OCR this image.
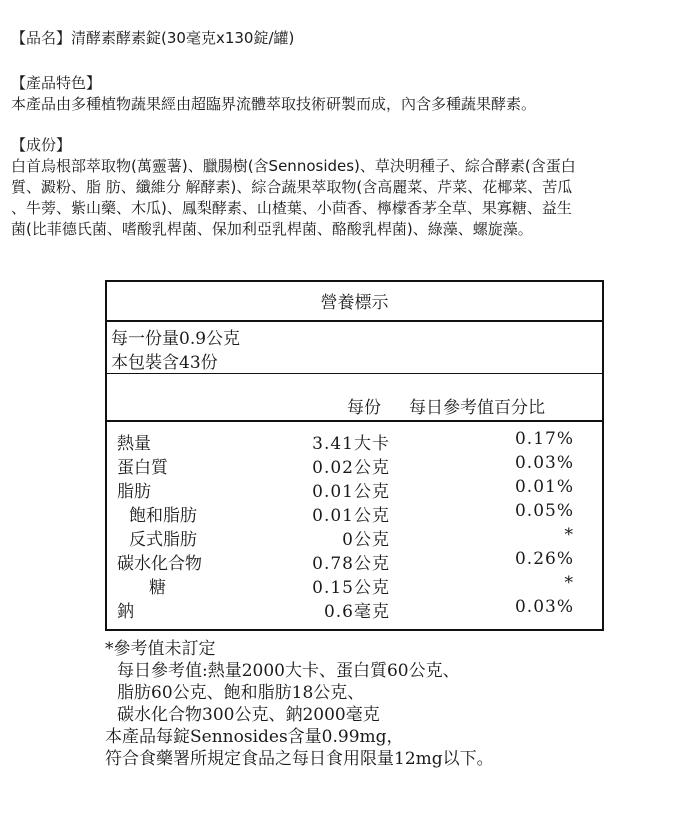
【品名】清酵素酵素錠(30毫克x130錠/罐)
【產品特色】
本產品由多種植物蔬果經由超臨界流體萃取技術研製而成，內含多種蔬果酵素。
【成份】
白首烏根部萃取物(萬靈薯)、臘腸樹(含Sennosides)、草決明種子、綜合酵素(含蛋白
質、澱粉、脂 肪、纖維分 解酵素)、綜合蔬果萃取物(含高麗菜、芹菜、花椰菜、苦瓜
、牛蒡、紫山藥、木瓜)、鳳梨酵素、山楂葉、小茴香、檸檬香茅全草、果寡糖、益生
菌(比菲德氏菌、嗜酸乳桿菌、保加利亞乳桿菌、酪酸乳桿菌)、綠藻、螺旋藻。
營養標示
每一份量0.9公克
本包裝含43份
每份 每日參考值百分比
熱量	3.41大卡	0.17%
蛋白質	0.02公克	0.03%
脂肪	0.01公克	0.01%
飽和脂肪	0.01公克	0.05%
反式脂肪	0公克	*
碳水化合物	0.78公克	0.26%
糖	0.15公克	*
鈉	0.6毫克	0.03%
*參考值未訂定
每日參考值:熱量2000大卡、蛋白質60公克、
脂肪60公克、飽和脂肪18公克、
碳水化合物300公克、鈉2000毫克
本產品每錠Sennosides含量0.99mg，
符合食藥署所規定食品之每日食用限量12mg以下。
